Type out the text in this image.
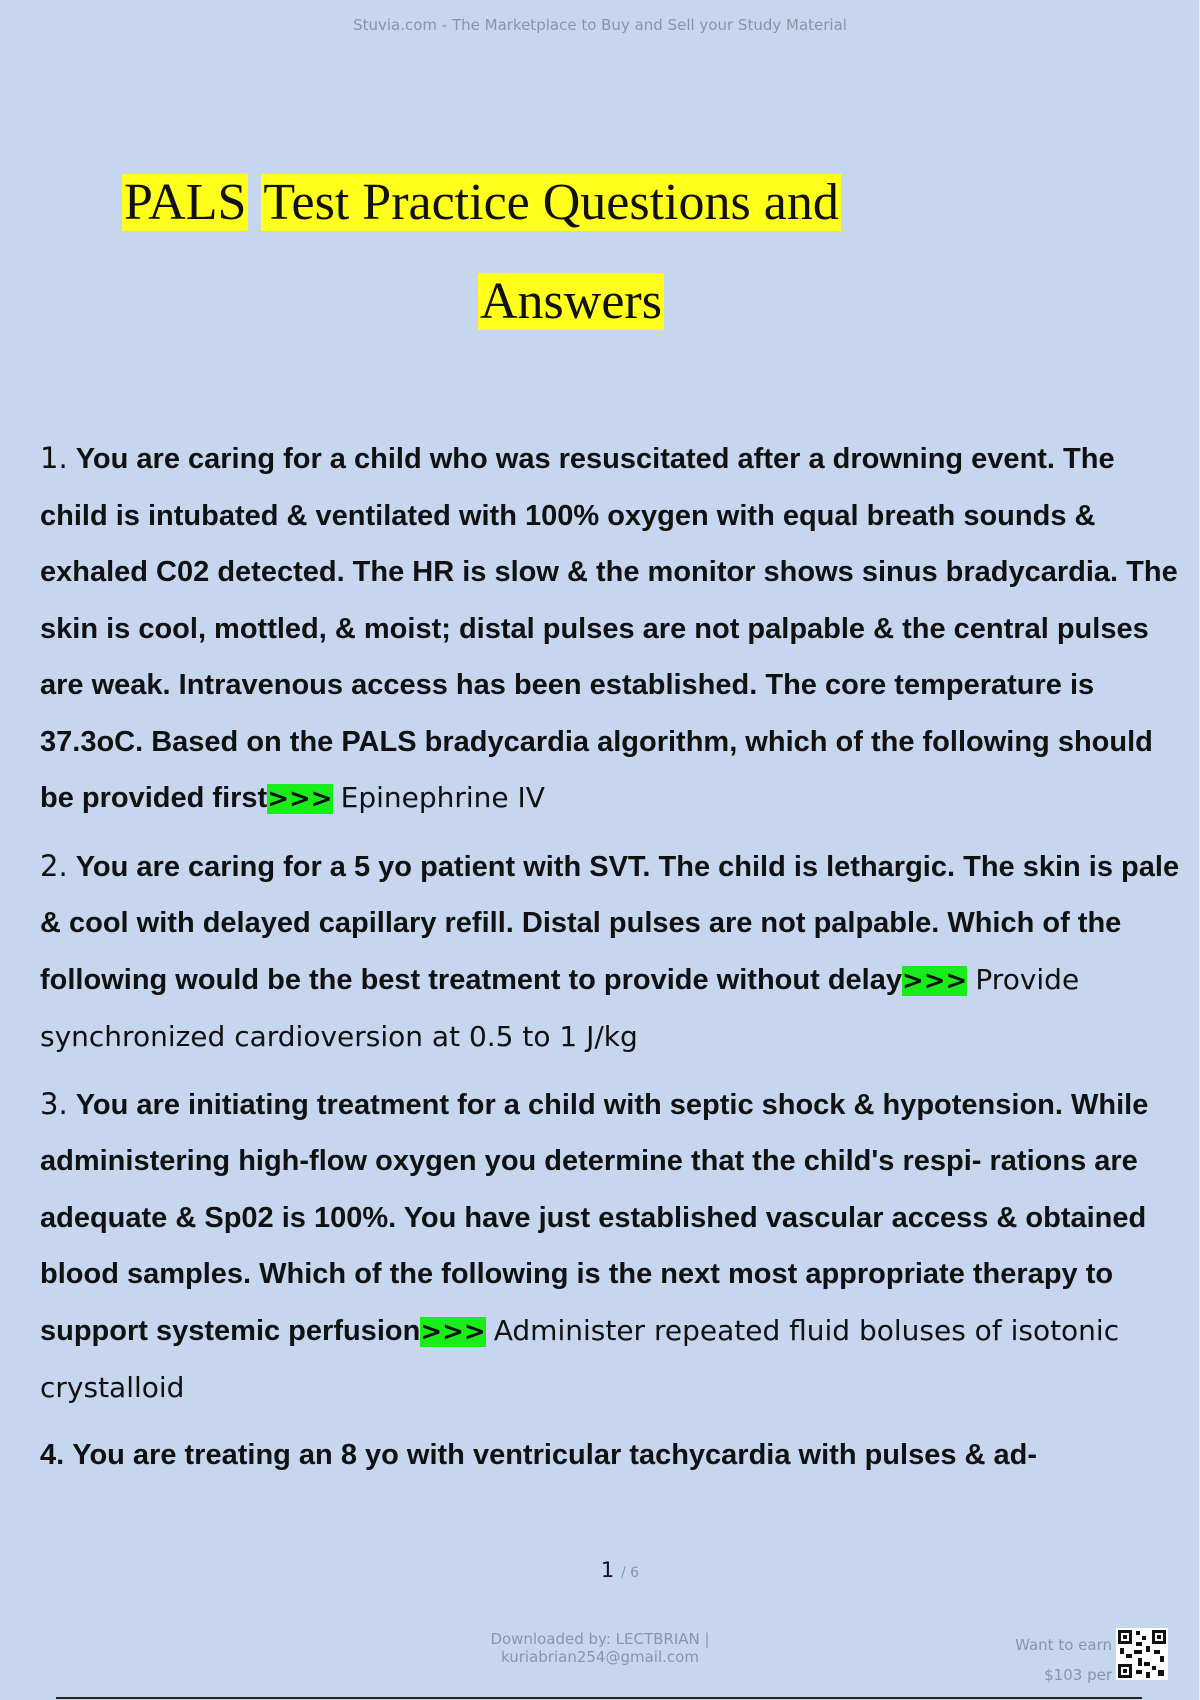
Stuvia.com - The Marketplace to Buy and Sell your Study Material
PALS Test Practice Questions and
Answers
1. You are caring for a child who was resuscitated after a drowning event. The child is intubated & ventilated with 100% oxygen with equal breath sounds & exhaled C02 detected. The HR is slow & the monitor shows sinus bradycardia. The skin is cool, mottled, & moist; distal pulses are not palpable & the central pulses are weak. Intravenous access has been established. The core temperature is 37.3oC. Based on the PALS bradycardia algorithm, which of the following should be provided first>>> Epinephrine IV
2. You are caring for a 5 yo patient with SVT. The child is lethargic. The skin is pale & cool with delayed capillary refill. Distal pulses are not palpable. Which of the following would be the best treatment to provide without delay>>> Provide synchronized cardioversion at 0.5 to 1 J/kg
3. You are initiating treatment for a child with septic shock & hypotension. While administering high-flow oxygen you determine that the child's respi- rations are adequate & Sp02 is 100%. You have just established vascular access & obtained blood samples. Which of the following is the next most appropriate therapy to support systemic perfusion>>> Administer repeated fluid boluses of isotonic crystalloid
4. You are treating an 8 yo with ventricular tachycardia with pulses & ad-
1 / 6
Downloaded by: LECTBRIAN | kuriabrian254@gmail.com
Want to earn
$103 per
